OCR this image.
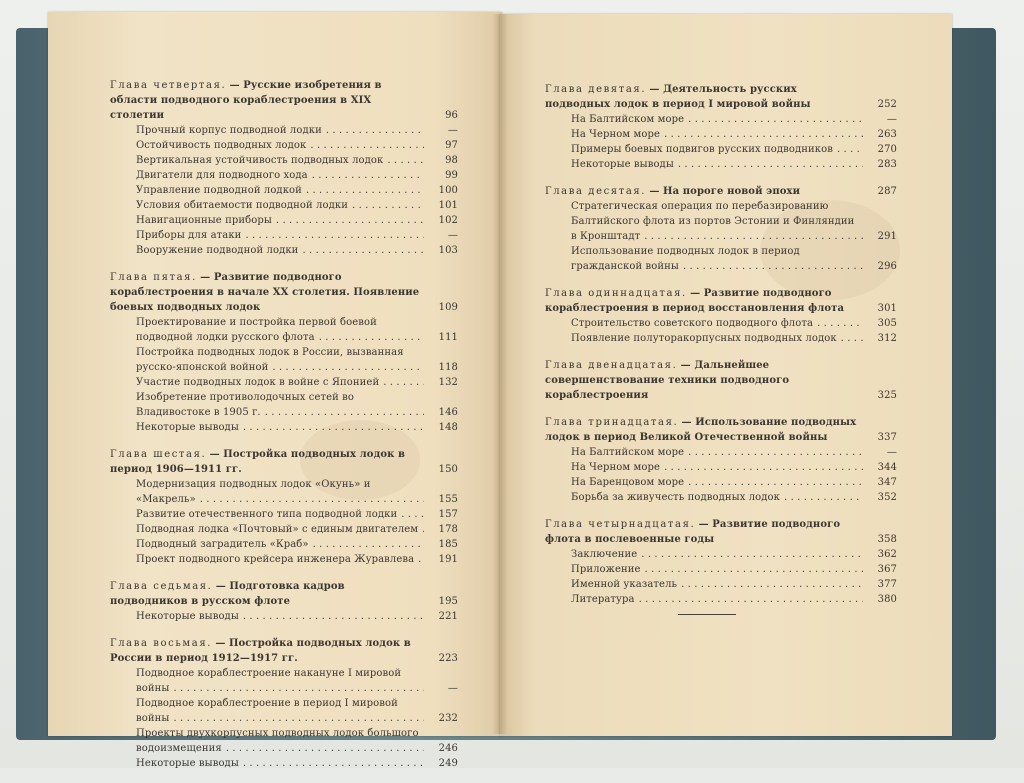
Глава четвертая. — Русские изобретения в области подводного кораблестроения в XIX столетии	96
Прочный корпус подводной лодки . . .	—
Остойчивость подводных лодок . . .	97
Вертикальная устойчивость подводных лодок . . .	98
Двигатели для подводного хода . . .	99
Управление подводной лодкой . . .	100
Условия обитаемости подводной лодки . . .	101
Навигационные приборы . . .	102
Приборы для атаки . . .	—
Вооружение подводной лодки . . .	103
Глава пятая. — Развитие подводного кораблестроения в начале XX столетия. Появление боевых подводных лодок	109
Проектирование и постройка первой боевой подводной лодки русского флота . . .	111
Постройка подводных лодок в России, вызванная русско-японской войной . . .	118
Участие подводных лодок в войне с Японией . . .	132
Изобретение противолодочных сетей во Владивостоке в 1905 г. . . .	146
Некоторые выводы . . .	148
Глава шестая. — Постройка подводных лодок в период 1906—1911 гг.	150
Модернизация подводных лодок «Окунь» и «Макрель» . . .	155
Развитие отечественного типа подводной лодки . . .	157
Подводная лодка «Почтовый» с единым двигателем . . .	178
Подводный заградитель «Краб» . . .	185
Проект подводного крейсера инженера Журавлева . . .	191
Глава седьмая. — Подготовка кадров подводников в русском флоте	195
Некоторые выводы . . .	221
Глава восьмая. — Постройка подводных лодок в России в период 1912—1917 гг.	223
Подводное кораблестроение накануне I мировой войны . . .	—
Подводное кораблестроение в период I мировой войны . . .	232
Проекты двухкорпусных подводных лодок большого водоизмещения . . .	246
Некоторые выводы . . .	249
Глава девятая. — Деятельность русских подводных лодок в период I мировой войны	252
На Балтийском море . . .	—
На Черном море . . .	263
Примеры боевых подвигов русских подводников . . .	270
Некоторые выводы . . .	283
Глава десятая. — На пороге новой эпохи	287
Стратегическая операция по перебазированию Балтийского флота из портов Эстонии и Финляндии в Кронштадт . . .	291
Использование подводных лодок в период гражданской войны . . .	296
Глава одиннадцатая. — Развитие подводного кораблестроения в период восстановления флота	301
Строительство советского подводного флота . . .	305
Появление полуторакорпусных подводных лодок . . .	312
Глава двенадцатая. — Дальнейшее совершенствование техники подводного кораблестроения	325
Глава тринадцатая. — Использование подводных лодок в период Великой Отечественной войны	337
На Балтийском море . . .	—
На Черном море . . .	344
На Баренцовом море . . .	347
Борьба за живучесть подводных лодок . . .	352
Глава четырнадцатая. — Развитие подводного флота в послевоенные годы	358
Заключение . . .	362
Приложение . . .	367
Именной указатель . . .	377
Литература . . .	380
